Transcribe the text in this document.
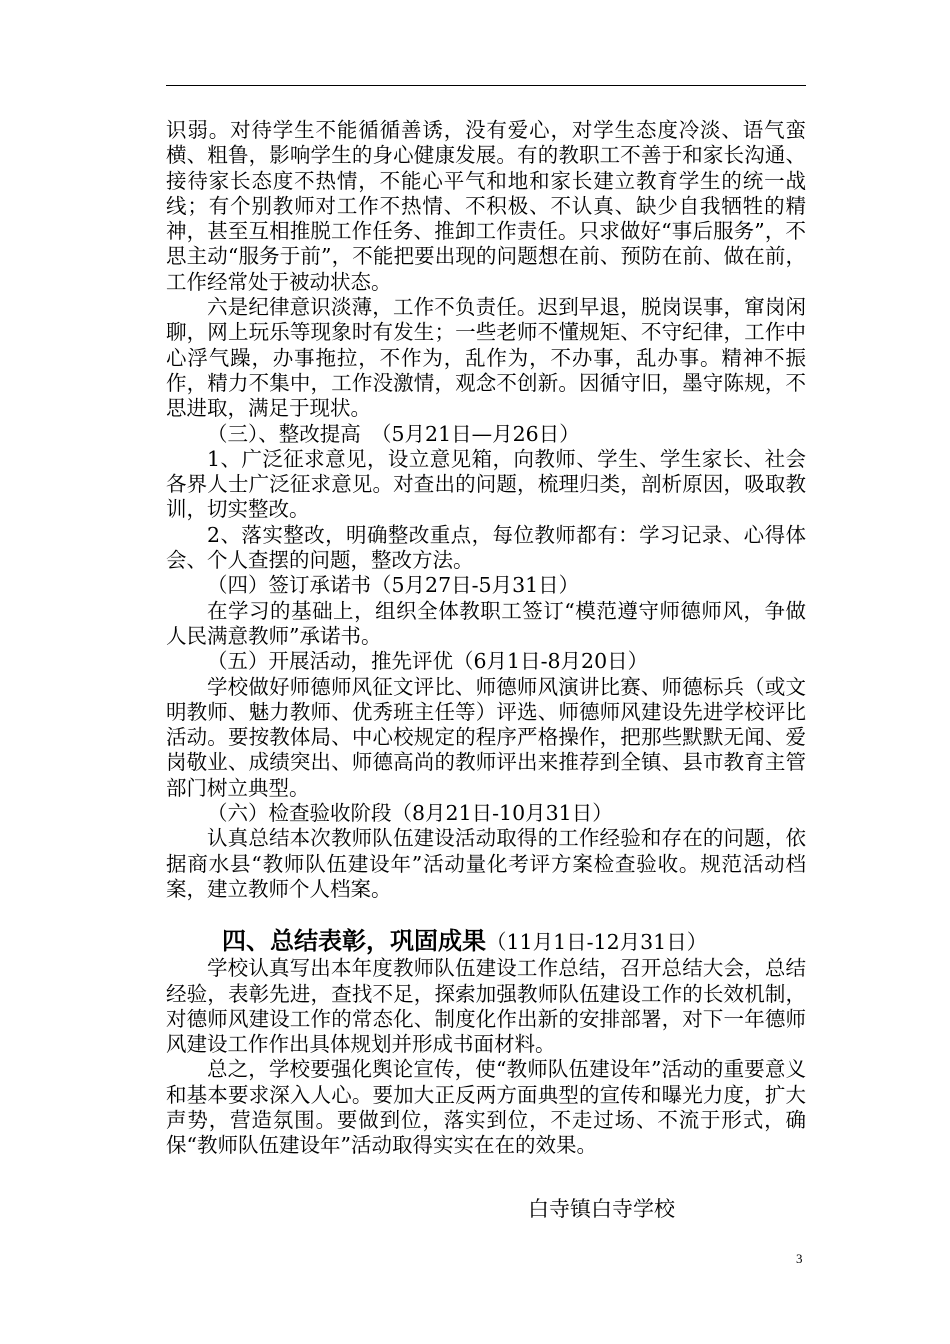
识弱。对待学生不能循循善诱，没有爱心，对学生态度冷淡、语气蛮横、粗鲁，影响学生的身心健康发展。有的教职工不善于和家长沟通、接待家长态度不热情，不能心平气和地和家长建立教育学生的统一战线；有个别教师对工作不热情、不积极、不认真、缺少自我牺牲的精神，甚至互相推脱工作任务、推卸工作责任。只求做好“事后服务”，不思主动“服务于前”，不能把要出现的问题想在前、预防在前、做在前，工作经常处于被动状态。

六是纪律意识淡薄，工作不负责任。迟到早退，脱岗误事，窜岗闲聊，网上玩乐等现象时有发生；一些老师不懂规矩、不守纪律，工作中心浮气躁，办事拖拉，不作为，乱作为，不办事，乱办事。精神不振作，精力不集中，工作没激情，观念不创新。因循守旧，墨守陈规，不思进取，满足于现状。

（三）、整改提高　（5月21日—月26日）

1、广泛征求意见，设立意见箱，向教师、学生、学生家长、社会各界人士广泛征求意见。对查出的问题，梳理归类，剖析原因，吸取教训，切实整改。

2、落实整改，明确整改重点，每位教师都有：学习记录、心得体会、个人查摆的问题，整改方法。

（四）签订承诺书（5月27日-5月31日）

在学习的基础上，组织全体教职工签订“模范遵守师德师风，争做人民满意教师”承诺书。

（五）开展活动，推先评优（6月1日-8月20日）

学校做好师德师风征文评比、师德师风演讲比赛、师德标兵（或文明教师、魅力教师、优秀班主任等）评选、师德师风建设先进学校评比活动。要按教体局、中心校规定的程序严格操作，把那些默默无闻、爱岗敬业、成绩突出、师德高尚的教师评出来推荐到全镇、县市教育主管部门树立典型。

（六）检查验收阶段（8月21日-10月31日）

认真总结本次教师队伍建设活动取得的工作经验和存在的问题，依据商水县“教师队伍建设年”活动量化考评方案检查验收。规范活动档案，建立教师个人档案。

四、总结表彰，巩固成果（11月1日-12月31日）

学校认真写出本年度教师队伍建设工作总结，召开总结大会，总结经验，表彰先进，查找不足，探索加强教师队伍建设工作的长效机制，对德师风建设工作的常态化、制度化作出新的安排部署，对下一年德师风建设工作作出具体规划并形成书面材料。

总之，学校要强化舆论宣传，使“教师队伍建设年”活动的重要意义和基本要求深入人心。要加大正反两方面典型的宣传和曝光力度，扩大声势，营造氛围。要做到位，落实到位，不走过场、不流于形式，确保“教师队伍建设年”活动取得实实在在的效果。

白寺镇白寺学校
3
